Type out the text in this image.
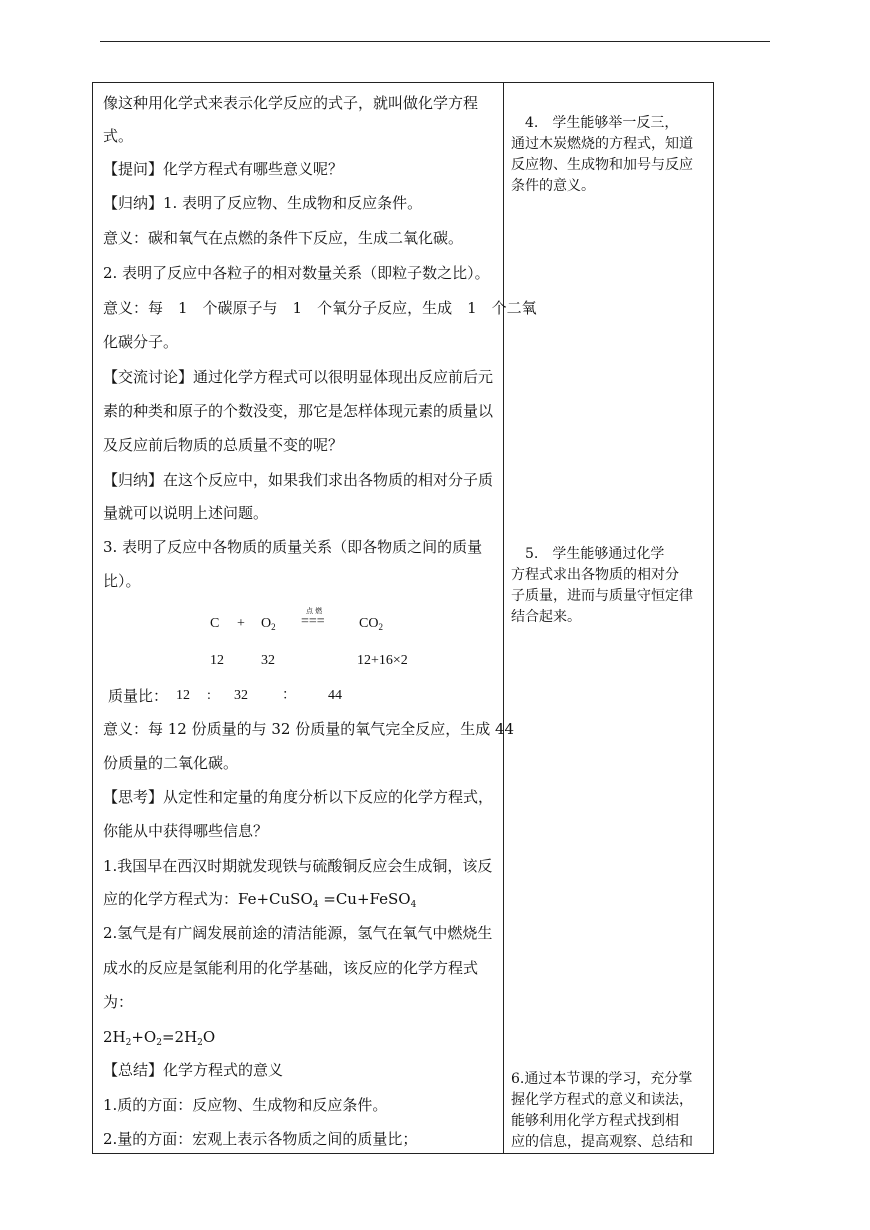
像这种用化学式来表示化学反应的式子，就叫做化学方程
式。
【提问】化学方程式有哪些意义呢？
【归纳】1. 表明了反应物、生成物和反应条件。
意义：碳和氧气在点燃的条件下反应，生成二氧化碳。
2. 表明了反应中各粒子的相对数量关系（即粒子数之比）。
意义：每　1　个碳原子与　1　个氧分子反应，生成　1　个二氧
化碳分子。
【交流讨论】通过化学方程式可以很明显体现出反应前后元
素的种类和原子的个数没变，那它是怎样体现元素的质量以
及反应前后物质的总质量不变的呢？
【归纳】在这个反应中，如果我们求出各物质的相对分子质
量就可以说明上述问题。
3. 表明了反应中各物质的质量关系（即各物质之间的质量
比）。
$C + O_2$
点 燃
=== $CO_2$
12	32	12+16×2
质量比： 12 : 32 ： 44
意义：每 12 份质量的与 32 份质量的氧气完全反应，生成 44
份质量的二氧化碳。
【思考】从定性和定量的角度分析以下反应的化学方程式，
你能从中获得哪些信息？
1.我国早在西汉时期就发现铁与硫酸铜反应会生成铜，该反
应的化学方程式为：Fe+CuSO$_4$ =Cu+FeSO$_4$
2.氢气是有广阔发展前途的清洁能源，氢气在氧气中燃烧生
成水的反应是氢能利用的化学基础，该反应的化学方程式
为：
$2H_2+O_2=2H_2O$
【总结】化学方程式的意义
1.质的方面：反应物、生成物和反应条件。
2.量的方面：宏观上表示各物质之间的质量比；
　4.　学生能够举一反三，
通过木炭燃烧的方程式，知道
反应物、生成物和加号与反应
条件的意义。
　5.　学生能够通过化学
方程式求出各物质的相对分
子质量，进而与质量守恒定律
结合起来。
6.通过本节课的学习，充分掌
握化学方程式的意义和读法，
能够利用化学方程式找到相
应的信息，提高观察、总结和
